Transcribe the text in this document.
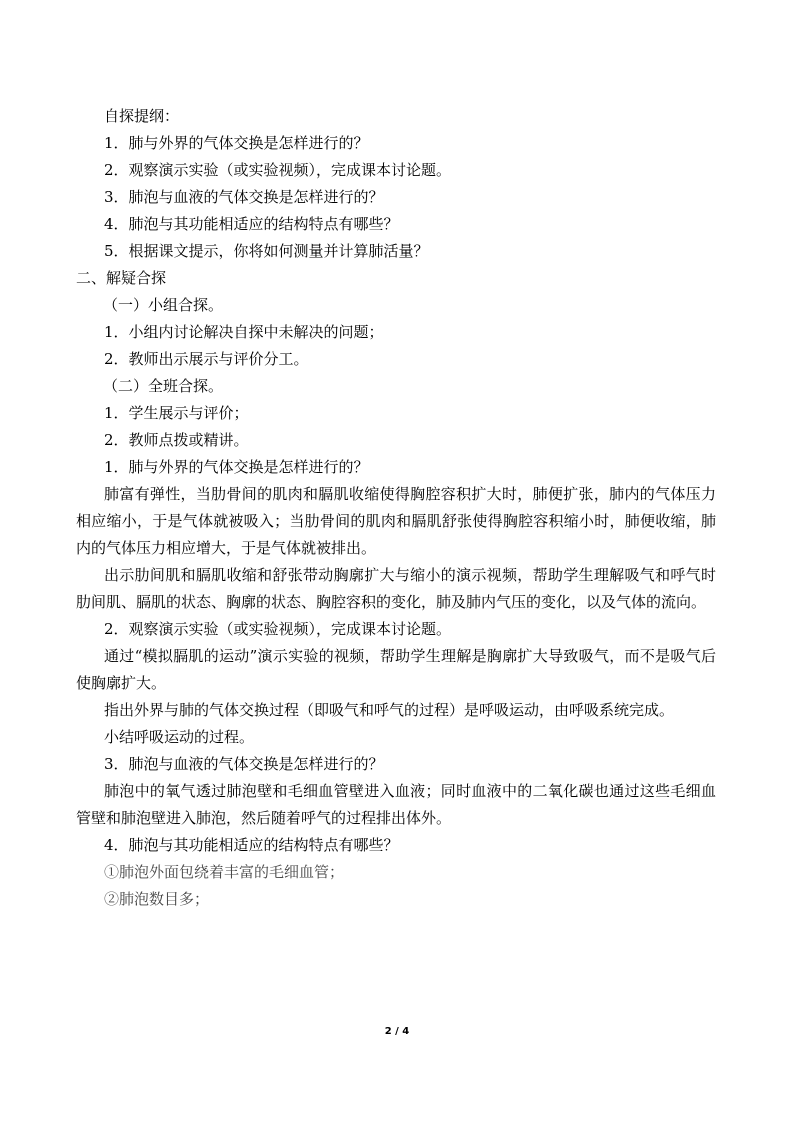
自探提纲：
1．肺与外界的气体交换是怎样进行的？
2．观察演示实验（或实验视频），完成课本讨论题。
3．肺泡与血液的气体交换是怎样进行的？
4．肺泡与其功能相适应的结构特点有哪些？
5．根据课文提示，你将如何测量并计算肺活量？
二、解疑合探
（一）小组合探。
1．小组内讨论解决自探中未解决的问题；
2．教师出示展示与评价分工。
（二）全班合探。
1．学生展示与评价；
2．教师点拨或精讲。
1．肺与外界的气体交换是怎样进行的？

肺富有弹性，当肋骨间的肌肉和膈肌收缩使得胸腔容积扩大时，肺便扩张，肺内的气体压力相应缩小，于是气体就被吸入；当肋骨间的肌肉和膈肌舒张使得胸腔容积缩小时，肺便收缩，肺内的气体压力相应增大，于是气体就被排出。

出示肋间肌和膈肌收缩和舒张带动胸廓扩大与缩小的演示视频，帮助学生理解吸气和呼气时肋间肌、膈肌的状态、胸廓的状态、胸腔容积的变化，肺及肺内气压的变化，以及气体的流向。

2．观察演示实验（或实验视频），完成课本讨论题。

通过“模拟膈肌的运动”演示实验的视频，帮助学生理解是胸廓扩大导致吸气，而不是吸气后使胸廓扩大。

指出外界与肺的气体交换过程（即吸气和呼气的过程）是呼吸运动，由呼吸系统完成。

小结呼吸运动的过程。

3．肺泡与血液的气体交换是怎样进行的？

肺泡中的氧气透过肺泡壁和毛细血管壁进入血液；同时血液中的二氧化碳也通过这些毛细血管壁和肺泡壁进入肺泡，然后随着呼气的过程排出体外。

4．肺泡与其功能相适应的结构特点有哪些？
①肺泡外面包绕着丰富的毛细血管；
②肺泡数目多；
2 / 4
